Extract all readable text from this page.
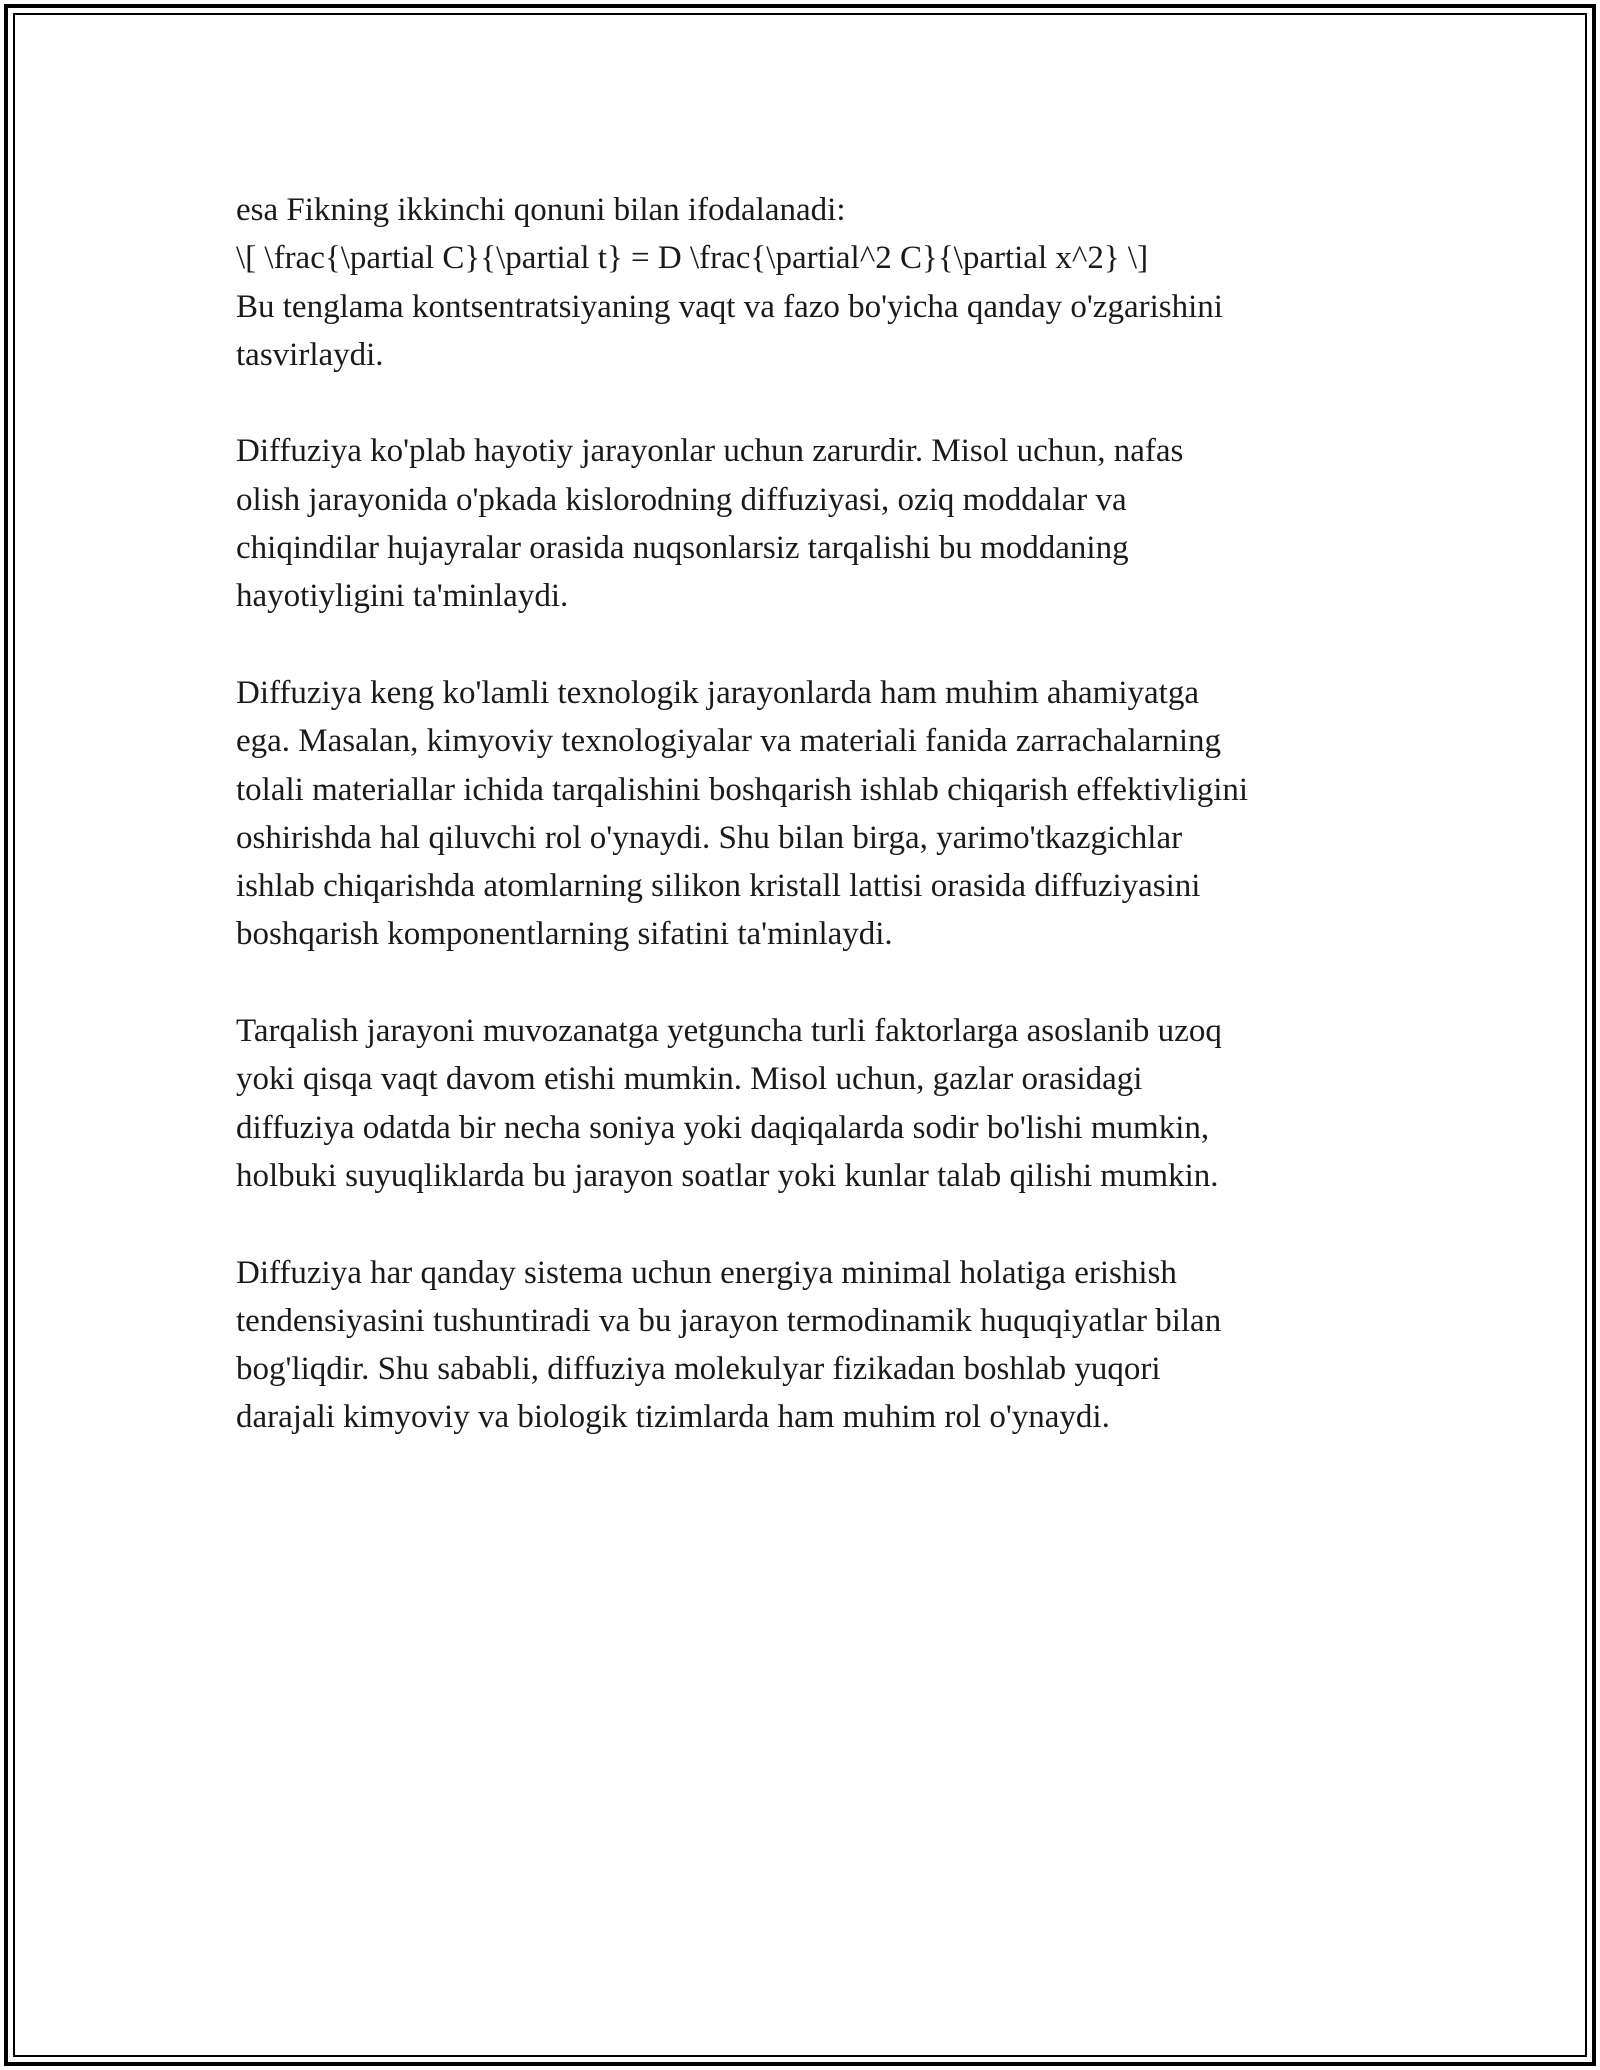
esa Fikning ikkinchi qonuni bilan ifodalanadi:
\[ \frac{\partial C}{\partial t} = D \frac{\partial^2 C}{\partial x^2} \]
Bu tenglama kontsentratsiyaning vaqt va fazo bo'yicha qanday o'zgarishini
tasvirlaydi.

Diffuziya ko'plab hayotiy jarayonlar uchun zarurdir. Misol uchun, nafas
olish jarayonida o'pkada kislorodning diffuziyasi, oziq moddalar va
chiqindilar hujayralar orasida nuqsonlarsiz tarqalishi bu moddaning
hayotiyligini ta'minlaydi.

Diffuziya keng ko'lamli texnologik jarayonlarda ham muhim ahamiyatga
ega. Masalan, kimyoviy texnologiyalar va materiali fanida zarrachalarning
tolali materiallar ichida tarqalishini boshqarish ishlab chiqarish effektivligini
oshirishda hal qiluvchi rol o'ynaydi. Shu bilan birga, yarimo'tkazgichlar
ishlab chiqarishda atomlarning silikon kristall lattisi orasida diffuziyasini
boshqarish komponentlarning sifatini ta'minlaydi.

Tarqalish jarayoni muvozanatga yetguncha turli faktorlarga asoslanib uzoq
yoki qisqa vaqt davom etishi mumkin. Misol uchun, gazlar orasidagi
diffuziya odatda bir necha soniya yoki daqiqalarda sodir bo'lishi mumkin,
holbuki suyuqliklarda bu jarayon soatlar yoki kunlar talab qilishi mumkin.

Diffuziya har qanday sistema uchun energiya minimal holatiga erishish
tendensiyasini tushuntiradi va bu jarayon termodinamik huquqiyatlar bilan
bog'liqdir. Shu sababli, diffuziya molekulyar fizikadan boshlab yuqori
darajali kimyoviy va biologik tizimlarda ham muhim rol o'ynaydi.
